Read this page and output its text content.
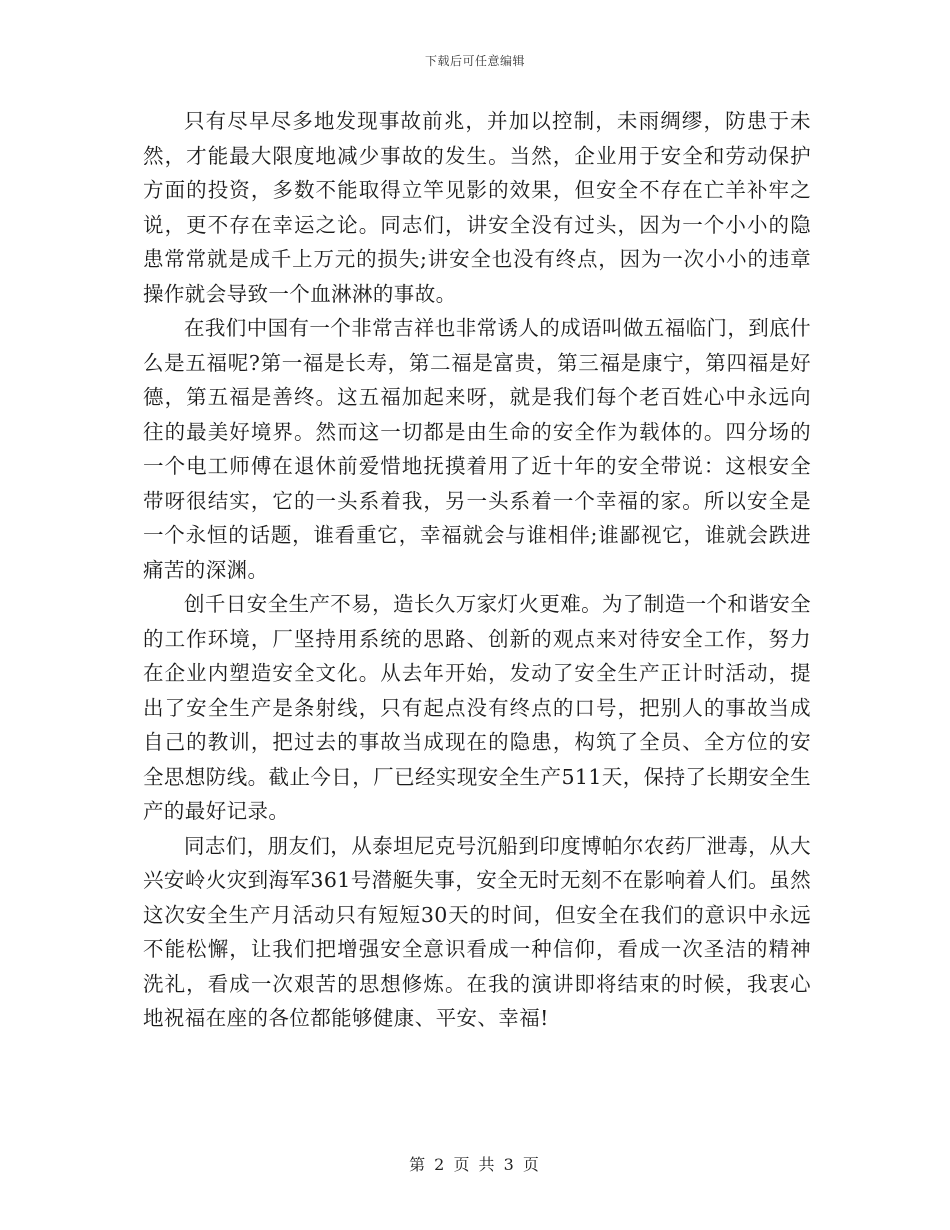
下载后可任意编辑

只有尽早尽多地发现事故前兆，并加以控制，未雨绸缪，防患于未然，才能最大限度地减少事故的发生。当然，企业用于安全和劳动保护方面的投资，多数不能取得立竿见影的效果，但安全不存在亡羊补牢之说，更不存在幸运之论。同志们，讲安全没有过头，因为一个小小的隐患常常就是成千上万元的损失;讲安全也没有终点，因为一次小小的违章操作就会导致一个血淋淋的事故。

在我们中国有一个非常吉祥也非常诱人的成语叫做五福临门，到底什么是五福呢?第一福是长寿，第二福是富贵，第三福是康宁，第四福是好德，第五福是善终。这五福加起来呀，就是我们每个老百姓心中永远向往的最美好境界。然而这一切都是由生命的安全作为载体的。四分场的一个电工师傅在退休前爱惜地抚摸着用了近十年的安全带说：这根安全带呀很结实，它的一头系着我，另一头系着一个幸福的家。所以安全是一个永恒的话题，谁看重它，幸福就会与谁相伴;谁鄙视它，谁就会跌进痛苦的深渊。

创千日安全生产不易，造长久万家灯火更难。为了制造一个和谐安全的工作环境，厂坚持用系统的思路、创新的观点来对待安全工作，努力在企业内塑造安全文化。从去年开始，发动了安全生产正计时活动，提出了安全生产是条射线，只有起点没有终点的口号，把别人的事故当成自己的教训，把过去的事故当成现在的隐患，构筑了全员、全方位的安全思想防线。截止今日，厂已经实现安全生产511天，保持了长期安全生产的最好记录。

同志们，朋友们，从泰坦尼克号沉船到印度博帕尔农药厂泄毒，从大兴安岭火灾到海军361号潜艇失事，安全无时无刻不在影响着人们。虽然这次安全生产月活动只有短短30天的时间，但安全在我们的意识中永远不能松懈，让我们把增强安全意识看成一种信仰，看成一次圣洁的精神洗礼，看成一次艰苦的思想修炼。在我的演讲即将结束的时候，我衷心地祝福在座的各位都能够健康、平安、幸福!

第 2 页 共 3 页
